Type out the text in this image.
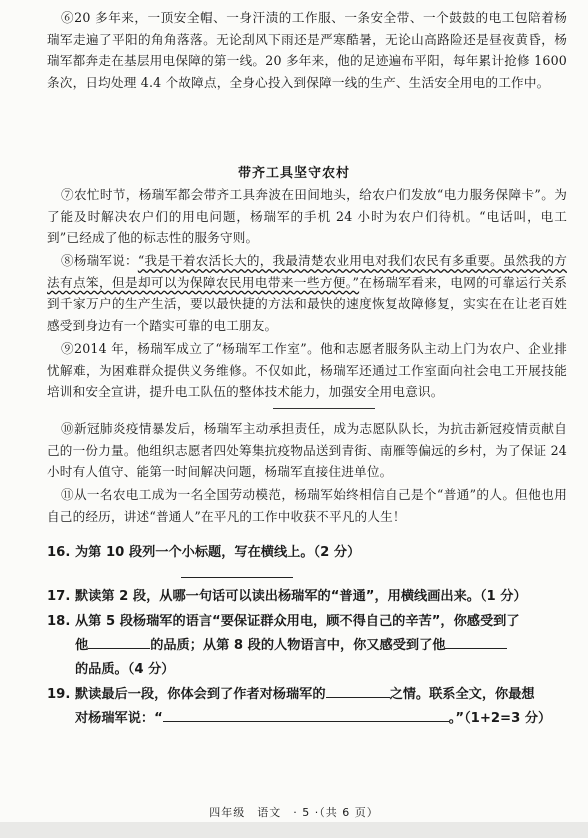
⑥20 多年来，一顶安全帽、一身汗渍的工作服、一条安全带、一个鼓鼓的电工包陪着杨瑞军走遍了平阳的角角落落。无论刮风下雨还是严寒酷暑，无论山高路险还是昼夜黄昏，杨瑞军都奔走在基层用电保障的第一线。20 多年来，他的足迹遍布平阳，每年累计抢修 1600 条次，日均处理 4.4 个故障点，全身心投入到保障一线的生产、生活安全用电的工作中。
带齐工具坚守农村
⑦农忙时节，杨瑞军都会带齐工具奔波在田间地头，给农户们发放“电力服务保障卡”。为了能及时解决农户们的用电问题，杨瑞军的手机 24 小时为农户们待机。“电话叫，电工到”已经成了他的标志性的服务守则。
⑧杨瑞军说：“我是干着农活长大的，我最清楚农业用电对我们农民有多重要。虽然我的方法有点笨，但是却可以为保障农民用电带来一些方便。”在杨瑞军看来，电网的可靠运行关系到千家万户的生产生活，要以最快捷的方法和最快的速度恢复故障修复，实实在在让老百姓感受到身边有一个踏实可靠的电工朋友。
⑨2014 年，杨瑞军成立了“杨瑞军工作室”。他和志愿者服务队主动上门为农户、企业排忧解难，为困难群众提供义务维修。不仅如此，杨瑞军还通过工作室面向社会电工开展技能培训和安全宣讲，提升电工队伍的整体技术能力，加强安全用电意识。
⑩新冠肺炎疫情暴发后，杨瑞军主动承担责任，成为志愿队队长，为抗击新冠疫情贡献自己的一份力量。他组织志愿者四处筹集抗疫物品送到青街、南雁等偏远的乡村，为了保证 24 小时有人值守、能第一时间解决问题，杨瑞军直接住进单位。
⑪从一名农电工成为一名全国劳动模范，杨瑞军始终相信自己是个“普通”的人。但他也用自己的经历，讲述“普通人”在平凡的工作中收获不平凡的人生！
16. 为第 10 段列一个小标题，写在横线上。（2 分）
17. 默读第 2 段，从哪一句话可以读出杨瑞军的“普通”，用横线画出来。（1 分）
18. 从第 5 段杨瑞军的语言“要保证群众用电，顾不得自己的辛苦”，你感受到了
他	的品质；从第 8 段的人物语言中，你又感受到了他
的品质。（4 分）
19. 默读最后一段，你体会到了作者对杨瑞军的	之情。联系全文，你最想
对杨瑞军说：“	。”（1+2=3 分）
四年级　语文　· 5 ·（共 6 页）
